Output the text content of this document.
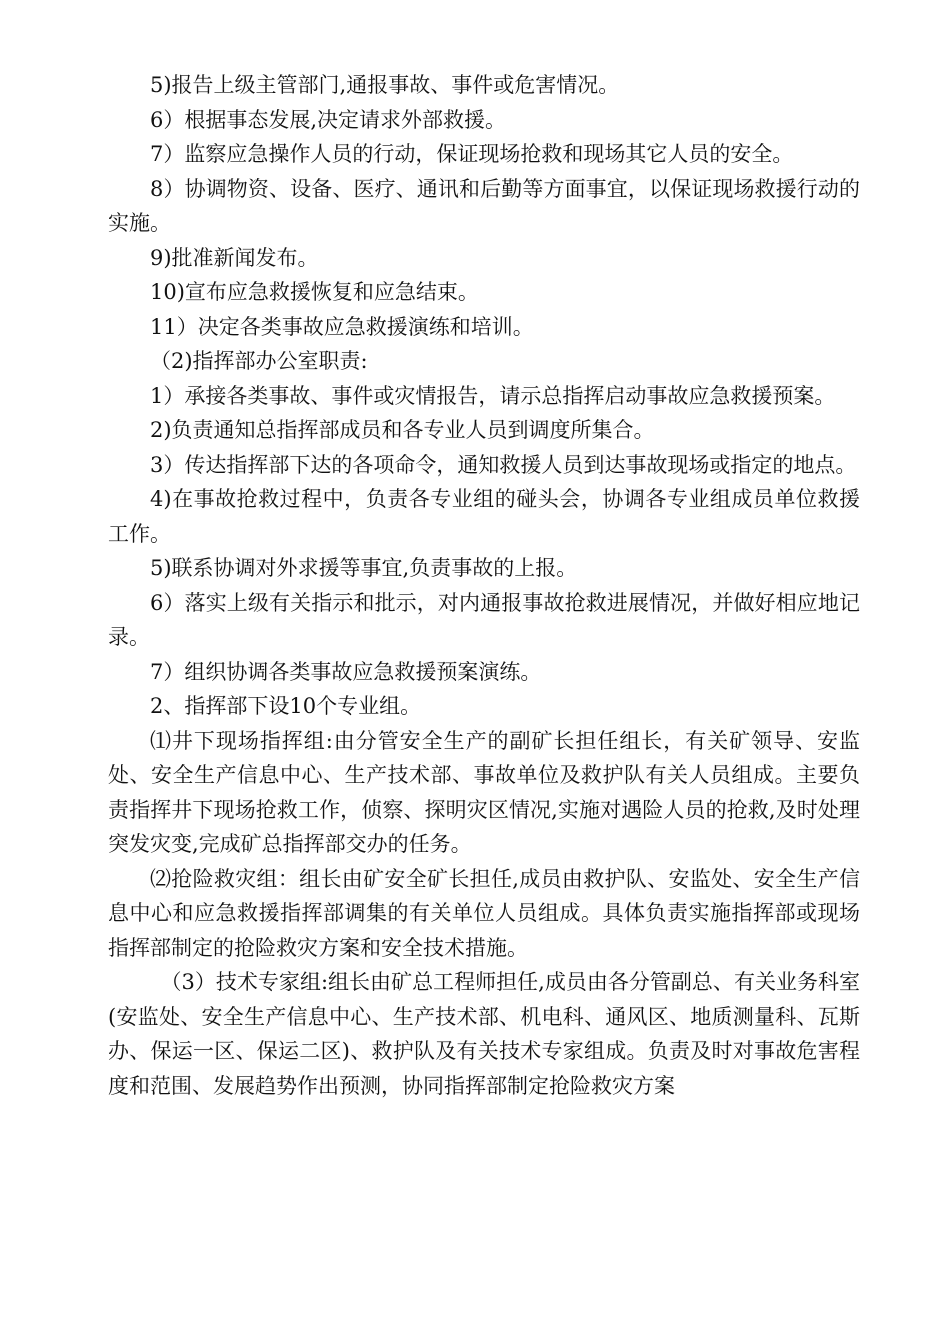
5)报告上级主管部门,通报事故、事件或危害情况。

6）根据事态发展,决定请求外部救援。

7）监察应急操作人员的行动，保证现场抢救和现场其它人员的安全。

8）协调物资、设备、医疗、通讯和后勤等方面事宜，以保证现场救援行动的实施。

9)批准新闻发布。

10)宣布应急救援恢复和应急结束。

11）决定各类事故应急救援演练和培训。

（2)指挥部办公室职责:

1）承接各类事故、事件或灾情报告，请示总指挥启动事故应急救援预案。

2)负责通知总指挥部成员和各专业人员到调度所集合。

3）传达指挥部下达的各项命令，通知救援人员到达事故现场或指定的地点。

4)在事故抢救过程中，负责各专业组的碰头会，协调各专业组成员单位救援工作。

5)联系协调对外求援等事宜,负责事故的上报。

6）落实上级有关指示和批示，对内通报事故抢救进展情况，并做好相应地记录。

7）组织协调各类事故应急救援预案演练。

2、指挥部下设10个专业组。

⑴井下现场指挥组:由分管安全生产的副矿长担任组长，有关矿领导、安监处、安全生产信息中心、生产技术部、事故单位及救护队有关人员组成。主要负责指挥井下现场抢救工作，侦察、探明灾区情况,实施对遇险人员的抢救,及时处理突发灾变,完成矿总指挥部交办的任务。

⑵抢险救灾组：组长由矿安全矿长担任,成员由救护队、安监处、安全生产信息中心和应急救援指挥部调集的有关单位人员组成。具体负责实施指挥部或现场指挥部制定的抢险救灾方案和安全技术措施。

（3）技术专家组:组长由矿总工程师担任,成员由各分管副总、有关业务科室(安监处、安全生产信息中心、生产技术部、机电科、通风区、地质测量科、瓦斯办、保运一区、保运二区)、救护队及有关技术专家组成。负责及时对事故危害程度和范围、发展趋势作出预测，协同指挥部制定抢险救灾方案
